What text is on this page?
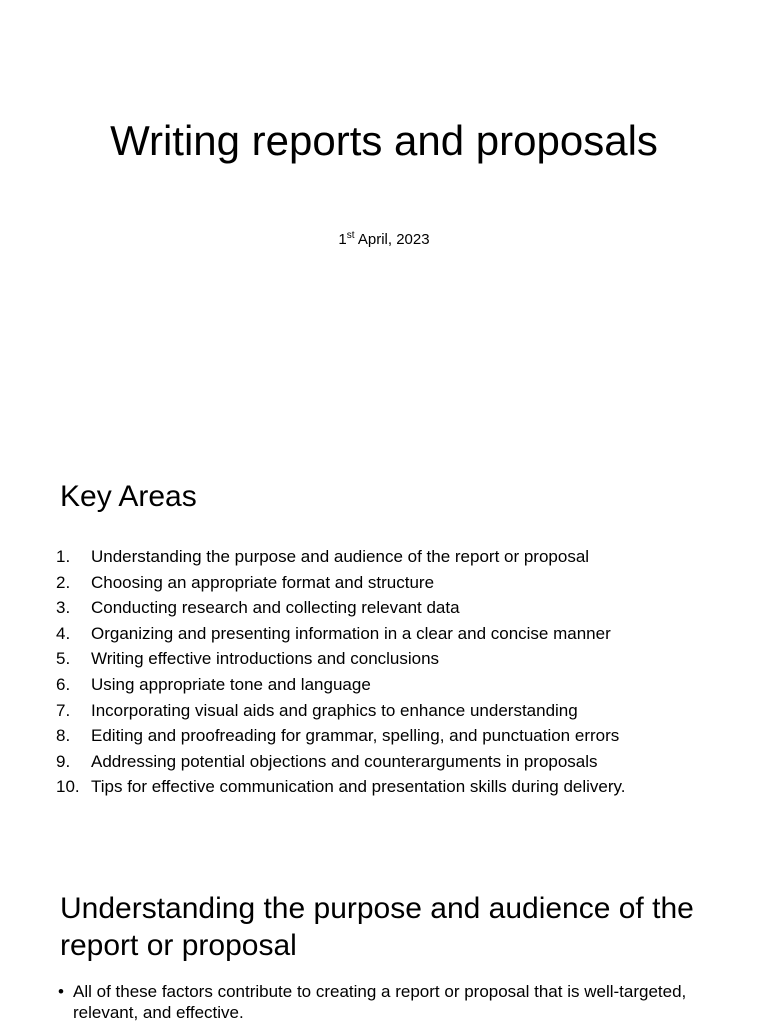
Writing reports and proposals
1st April, 2023
Key Areas
1.	Understanding the purpose and audience of the report or proposal
2.	Choosing an appropriate format and structure
3.	Conducting research and collecting relevant data
4.	Organizing and presenting information in a clear and concise manner
5.	Writing effective introductions and conclusions
6.	Using appropriate tone and language
7.	Incorporating visual aids and graphics to enhance understanding
8.	Editing and proofreading for grammar, spelling, and punctuation errors
9.	Addressing potential objections and counterarguments in proposals
10. Tips for effective communication and presentation skills during delivery.
Understanding the purpose and audience of the report or proposal
• All of these factors contribute to creating a report or proposal that is well-targeted, relevant, and effective.
